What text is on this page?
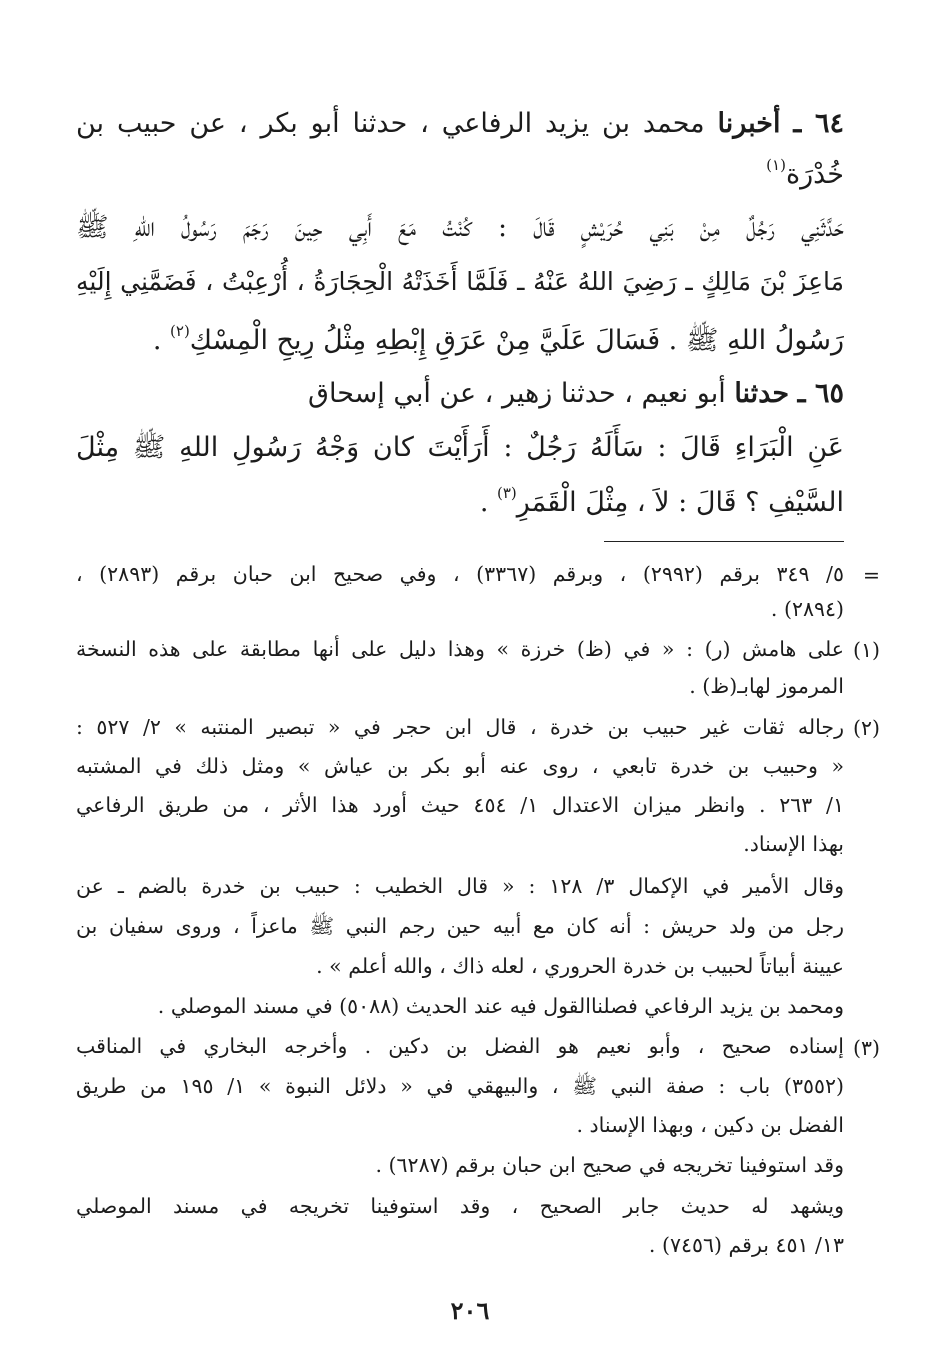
٦٤ ـ أخبرنا محمد بن يزيد الرفاعي ، حدثنا أبو بكر ، عن حبيب بن
خُدْرَة$^{(١)}$
حَدَّثَنِي رَجُلٌ مِنْ بَنِي حُرَيْشٍ قَالَ : كُنْتُ مَعَ أَبِي حِينَ رَجَمَ رَسُولُ اللهِ ﷺ
مَاعِزَ بْنَ مَالِكٍ ـ رَضِيَ اللهُ عَنْهُ ـ فَلَمَّا أَخَذَتْهُ الْحِجَارَةُ ، أُرْعِبْتُ ، فَضَمَّنِي إِلَيْهِ
رَسُولُ اللهِ ﷺ . فَسَالَ عَلَيَّ مِنْ عَرَقِ إِبْطِهِ مِثْلُ رِيحِ الْمِسْكِ$^{(٢)}$ .
٦٥ ـ حدثنا أبو نعيم ، حدثنا زهير ، عن أبي إسحاق
عَنِ الْبَرَاءِ قَالَ : سَأَلَهُ رَجُلٌ : أَرَأَيْتَ كان وَجْهُ رَسُولِ اللهِ ﷺ مِثْلَ
السَّيْفِ ؟ قَالَ : لاَ ، مِثْلَ الْقَمَرِ$^{(٣)}$ .
=
٥/ ٣٤٩ برقم (٢٩٩٢) ، وبرقم (٣٣٦٧) ، وفي صحيح ابن حبان برقم (٢٨٩٣) ،
(٢٨٩٤) .
(١)
على هامش (ر) : « في (ظ) خرزة » وهذا دليل على أنها مطابقة على هذه النسخة
المرموز لهابـ(ظ) .
(٢)
رجاله ثقات غير حبيب بن خدرة ، قال ابن حجر في « تبصير المنتبه » ٢/ ٥٢٧ :
« وحبيب بن خدرة تابعي ، روى عنه أبو بكر بن عياش » ومثل ذلك في المشتبه
١/ ٢٦٣ . وانظر ميزان الاعتدال ١/ ٤٥٤ حيث أورد هذا الأثر ، من طريق الرفاعي
بهذا الإسناد.
وقال الأمير في الإكمال ٣/ ١٢٨ : « قال الخطيب : حبيب بن خدرة بالضم ـ عن
رجل من ولد حريش : أنه كان مع أبيه حين رجم النبي ﷺ ماعزاً ، وروى سفيان بن
عيينة أبياتاً لحبيب بن خدرة الحروري ، لعله ذاك ، والله أعلم » .
ومحمد بن يزيد الرفاعي فصلناالقول فيه عند الحديث (٥٠٨٨) في مسند الموصلي .
(٣)
إسناده صحيح ، وأبو نعيم هو الفضل بن دكين . وأخرجه البخاري في المناقب
(٣٥٥٢) باب : صفة النبي ﷺ ، والبيهقي في « دلائل النبوة » ١/ ١٩٥ من طريق
الفضل بن دكين ، وبهذا الإسناد .
وقد استوفينا تخريجه في صحيح ابن حبان برقم (٦٢٨٧) .
ويشهد له حديث جابر الصحيح ، وقد استوفينا تخريجه في مسند الموصلي
١٣/ ٤٥١ برقم (٧٤٥٦) .
٢٠٦
